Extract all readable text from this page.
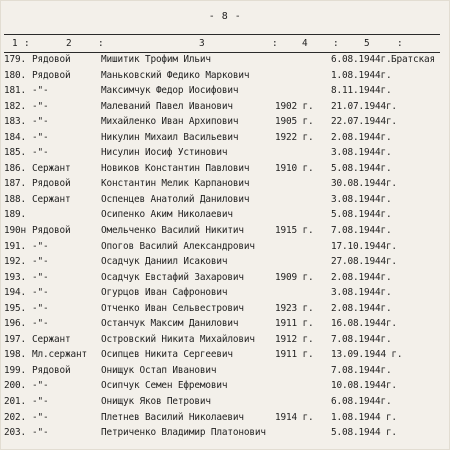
- 8 -
1 :	2	:	3	:	4	:	5	:
179. Рядовой	Мишитик Трофим Ильич	6.08.1944г. Братская
180. Рядовой	Маньковский Федико Маркович	1.08.1944г.
181. -"-	Максимчук Федор Иосифович	8.11.1944г.
182. -"-	Малеваний Павел Иванович	1902 г. 21.07.1944г.
183. -"-	Михайленко Иван Архипович	1905 г. 22.07.1944г.
184. -"-	Никулин Михаил Васильевич	1922 г. 2.08.1944г.
185. -"-	Нисулин Иосиф Устинович	3.08.1944г.
186. Сержант	Новиков Константин Павлович	1910 г. 5.08.1944г.
187. Рядовой	Константин Мелик Карпанович	30.08.1944г.
188. Сержант	Оспенцев Анатолий Данилович	3.08.1944г.
189.	Осипенко Аким Николаевич	5.08.1944г.
190н Рядовой	Омельченко Василий Никитич	1915 г. 7.08.1944г.
191. -"-	Опогов Василий Александрович	17.10.1944г.
192. -"-	Осадчук Даниил Исакович	27.08.1944г.
193. -"-	Осадчук Евстафий Захарович	1909 г. 2.08.1944г.
194. -"-	Огурцов Иван Сафронович	3.08.1944г.
195. -"-	Отченко Иван Сельвестрович	1923 г. 2.08.1944г.
196. -"-	Останчук Максим Данилович	1911 г. 16.08.1944г.
197. Сержант	Островский Никита Михайлович 1912 г. 7.08.1944г.
198. Мл.сержант Осипцев Никита Сергеевич	1911 г. 13.09.1944 г.
199. Рядовой	Онищук Остап Иванович	7.08.1944г.
200. -"-	Осипчук Семен Ефремович	10.08.1944г.
201. -"-	Онищук Яков Петрович	6.08.1944г.
202. -"-	Плетнев Василий Николаевич	1914 г. 1.08.1944 г.
203. -"-	Петриченко Владимир Платонович	5.08.1944 г.
